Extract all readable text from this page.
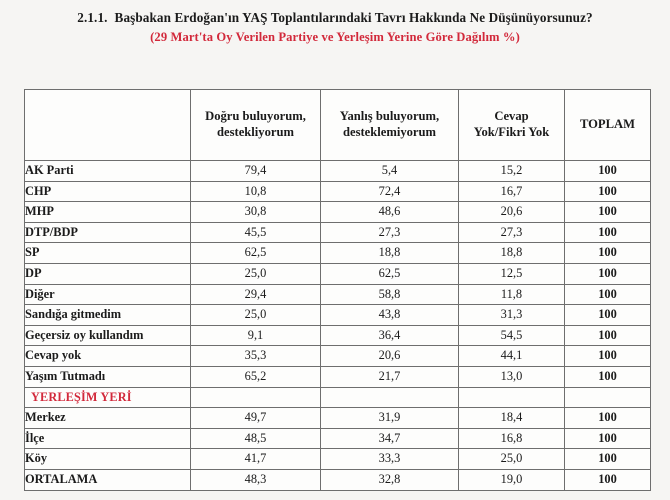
2.1.1. Başbakan Erdoğan'ın YAŞ Toplantılarındaki Tavrı Hakkında Ne Düşünüyorsunuz?
(29 Mart'ta Oy Verilen Partiye ve Yerleşim Yerine Göre Dağılım %)

Doğru buluyorum,
destekliyorum

Yanlış buluyorum,
desteklemiyorum

Cevap
Yok/Fikri Yok

TOPLAM

AK Parti	79,4	5,4	15,2	100
CHP	10,8	72,4	16,7	100
MHP	30,8	48,6	20,6	100
DTP/BDP	45,5	27,3	27,3	100
SP	62,5	18,8	18,8	100
DP	25,0	62,5	12,5	100
Diğer	29,4	58,8	11,8	100
Sandığa gitmedim	25,0	43,8	31,3	100
Geçersiz oy kullandım	9,1	36,4	54,5	100
Cevap yok	35,3	20,6	44,1	100
Yaşım Tutmadı	65,2	21,7	13,0	100
YERLEŞİM YERİ				
Merkez	49,7	31,9	18,4	100
İlçe	48,5	34,7	16,8	100
Köy	41,7	33,3	25,0	100
ORTALAMA	48,3	32,8	19,0	100
